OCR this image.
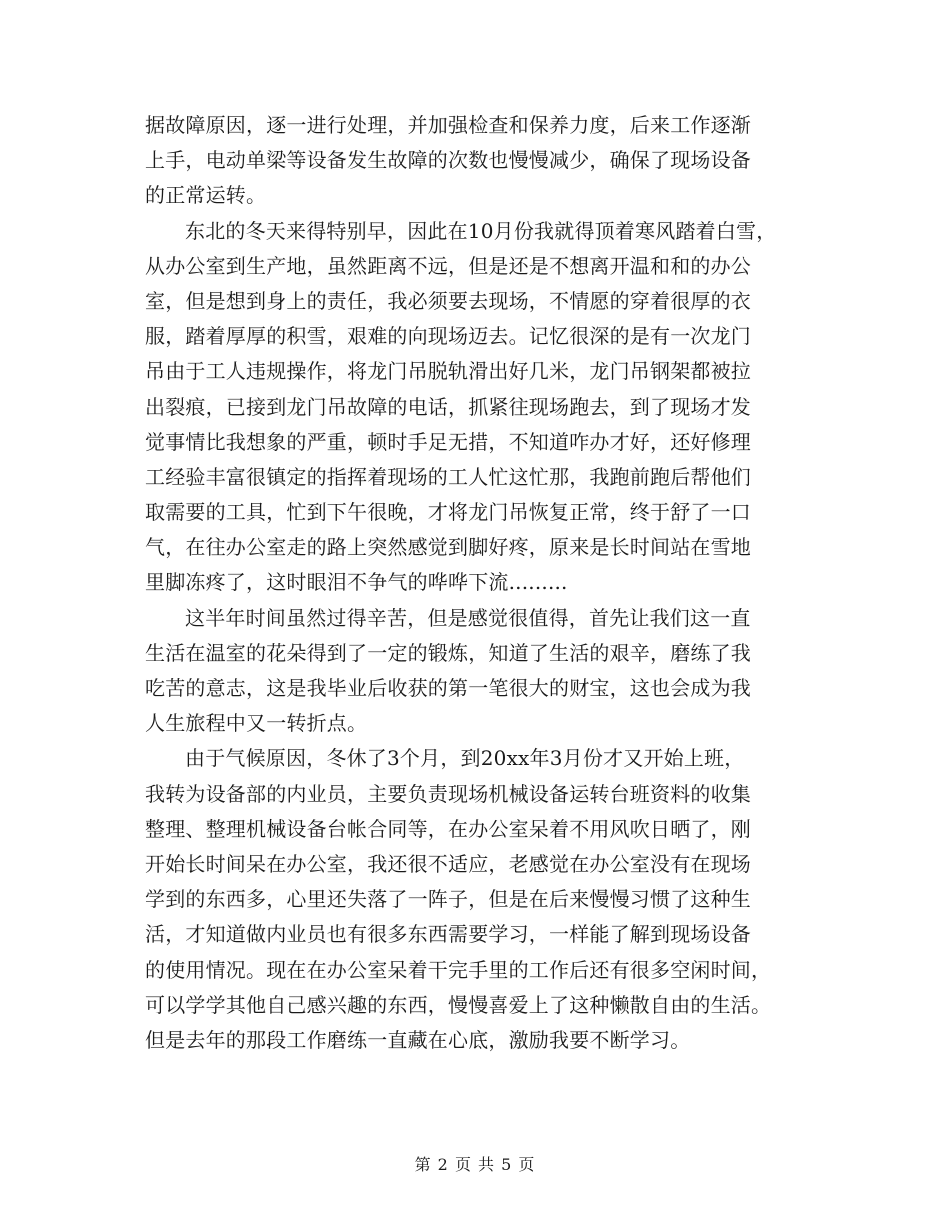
据故障原因，逐一进行处理，并加强检查和保养力度，后来工作逐渐
上手，电动单梁等设备发生故障的次数也慢慢减少，确保了现场设备
的正常运转。
东北的冬天来得特别早，因此在10月份我就得顶着寒风踏着白雪，
从办公室到生产地，虽然距离不远，但是还是不想离开温和和的办公
室，但是想到身上的责任，我必须要去现场，不情愿的穿着很厚的衣
服，踏着厚厚的积雪，艰难的向现场迈去。记忆很深的是有一次龙门
吊由于工人违规操作，将龙门吊脱轨滑出好几米，龙门吊钢架都被拉
出裂痕，已接到龙门吊故障的电话，抓紧往现场跑去，到了现场才发
觉事情比我想象的严重，顿时手足无措，不知道咋办才好，还好修理
工经验丰富很镇定的指挥着现场的工人忙这忙那，我跑前跑后帮他们
取需要的工具，忙到下午很晚，才将龙门吊恢复正常，终于舒了一口
气，在往办公室走的路上突然感觉到脚好疼，原来是长时间站在雪地
里脚冻疼了，这时眼泪不争气的哗哗下流.........
这半年时间虽然过得辛苦，但是感觉很值得，首先让我们这一直
生活在温室的花朵得到了一定的锻炼，知道了生活的艰辛，磨练了我
吃苦的意志，这是我毕业后收获的第一笔很大的财宝，这也会成为我
人生旅程中又一转折点。
由于气候原因，冬休了3个月，到20xx年3月份才又开始上班，
我转为设备部的内业员，主要负责现场机械设备运转台班资料的收集
整理、整理机械设备台帐合同等，在办公室呆着不用风吹日晒了，刚
开始长时间呆在办公室，我还很不适应，老感觉在办公室没有在现场
学到的东西多，心里还失落了一阵子，但是在后来慢慢习惯了这种生
活，才知道做内业员也有很多东西需要学习，一样能了解到现场设备
的使用情况。现在在办公室呆着干完手里的工作后还有很多空闲时间，
可以学学其他自己感兴趣的东西，慢慢喜爱上了这种懒散自由的生活。
但是去年的那段工作磨练一直藏在心底，激励我要不断学习。
第 2 页 共 5 页
